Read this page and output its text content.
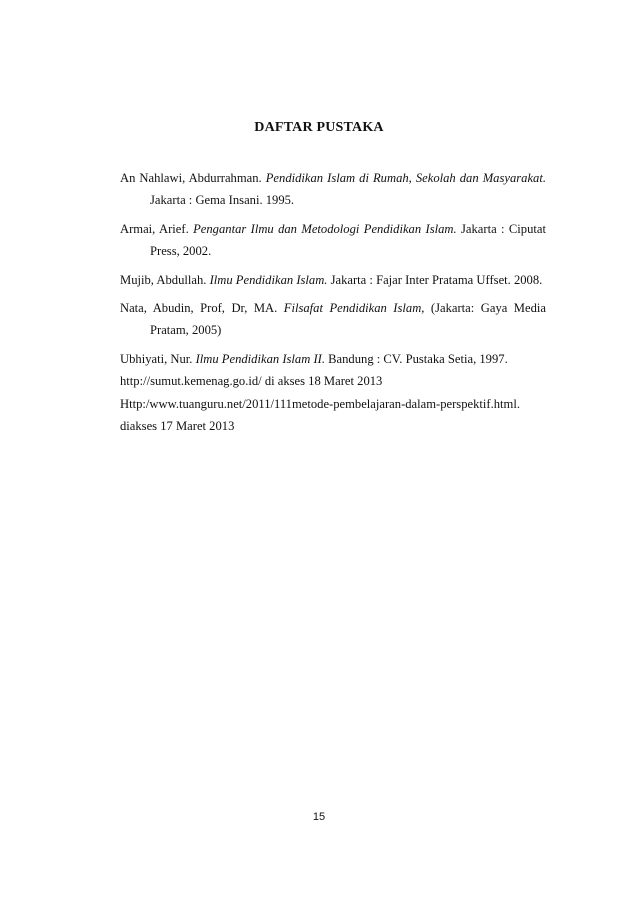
DAFTAR PUSTAKA
An Nahlawi, Abdurrahman. Pendidikan Islam di Rumah, Sekolah dan Masyarakat. Jakarta : Gema Insani. 1995.
Armai, Arief. Pengantar Ilmu dan Metodologi Pendidikan Islam. Jakarta : Ciputat Press, 2002.
Mujib, Abdullah. Ilmu Pendidikan Islam. Jakarta : Fajar Inter Pratama Uffset. 2008.
Nata, Abudin, Prof, Dr, MA. Filsafat Pendidikan Islam, (Jakarta: Gaya Media Pratam, 2005)
Ubhiyati, Nur. Ilmu Pendidikan Islam II. Bandung : CV. Pustaka Setia, 1997.
http://sumut.kemenag.go.id/ di akses 18 Maret 2013
Http:/www.tuanguru.net/2011/111metode-pembelajaran-dalam-perspektif.html.
diakses 17 Maret 2013
15
